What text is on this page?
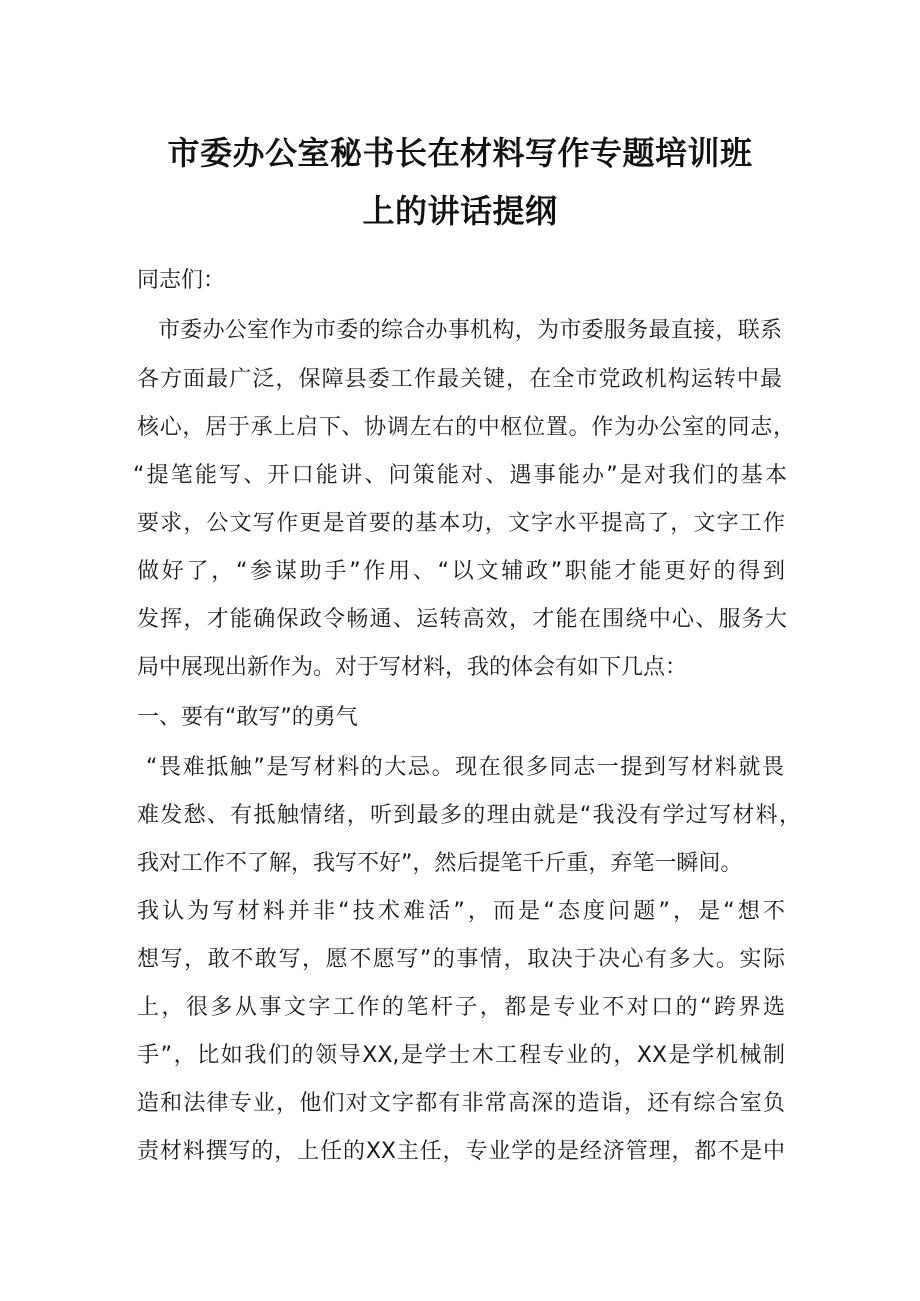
市委办公室秘书长在材料写作专题培训班
上的讲话提纲
同志们：
市委办公室作为市委的综合办事机构，为市委服务最直接，联系
各方面最广泛，保障县委工作最关键，在全市党政机构运转中最
核心，居于承上启下、协调左右的中枢位置。作为办公室的同志，
“提笔能写、开口能讲、问策能对、遇事能办”是对我们的基本
要求，公文写作更是首要的基本功，文字水平提高了，文字工作
做好了，“参谋助手”作用、“以文辅政”职能才能更好的得到
发挥，才能确保政令畅通、运转高效，才能在围绕中心、服务大
局中展现出新作为。对于写材料，我的体会有如下几点：
一、要有“敢写”的勇气
“畏难抵触”是写材料的大忌。现在很多同志一提到写材料就畏
难发愁、有抵触情绪，听到最多的理由就是“我没有学过写材料，
我对工作不了解，我写不好”，然后提笔千斤重，弃笔一瞬间。
我认为写材料并非“技术难活”，而是“态度问题”，是“想不
想写，敢不敢写，愿不愿写”的事情，取决于决心有多大。实际
上，很多从事文字工作的笔杆子，都是专业不对口的“跨界选
手”，比如我们的领导XX,是学士木工程专业的，XX是学机械制
造和法律专业，他们对文字都有非常高深的造诣，还有综合室负
责材料撰写的，上任的XX主任，专业学的是经济管理，都不是中
